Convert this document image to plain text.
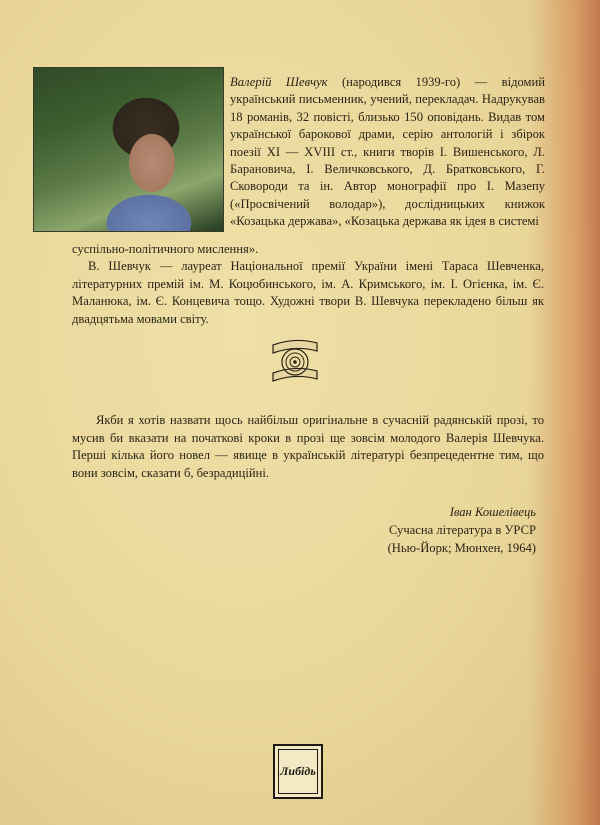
Валерій Шевчук (народився 1939-го) — відомий український письменник, учений, перекладач. Надрукував 18 романів, 32 повісті, близько 150 оповідань. Видав том української барокової драми, серію антологій і збірок поезії XI — XVIII ст., книги творів І. Вишенського, Л. Барановича, І. Величковського, Д. Братковського, Г. Сковороди та ін. Автор монографії про І. Мазепу («Просвічений володар»), дослідницьких книжок «Козацька держава», «Козацька держава як ідея в системі

суспільно-політичного мислення».

В. Шевчук — лауреат Національної премії України імені Тараса Шевченка, літературних премій ім. М. Коцюбинського, ім. А. Кримського, ім. І. Огієнка, ім. Є. Маланюка, ім. Є. Концевича тощо. Художні твори В. Шевчука перекладено більш як двадцятьма мовами світу.

Якби я хотів назвати щось найбільш оригінальне в сучасній радянській прозі, то мусив би вказати на початкові кроки в прозі ще зовсім молодого Валерія Шевчука. Перші кілька його новел — явище в українській літературі безпрецедентне тим, що вони зовсім, сказати б, безрадиційні.

Іван Кошелівець
Сучасна література в УРСР
(Нью-Йорк; Мюнхен, 1964)
Либідь
